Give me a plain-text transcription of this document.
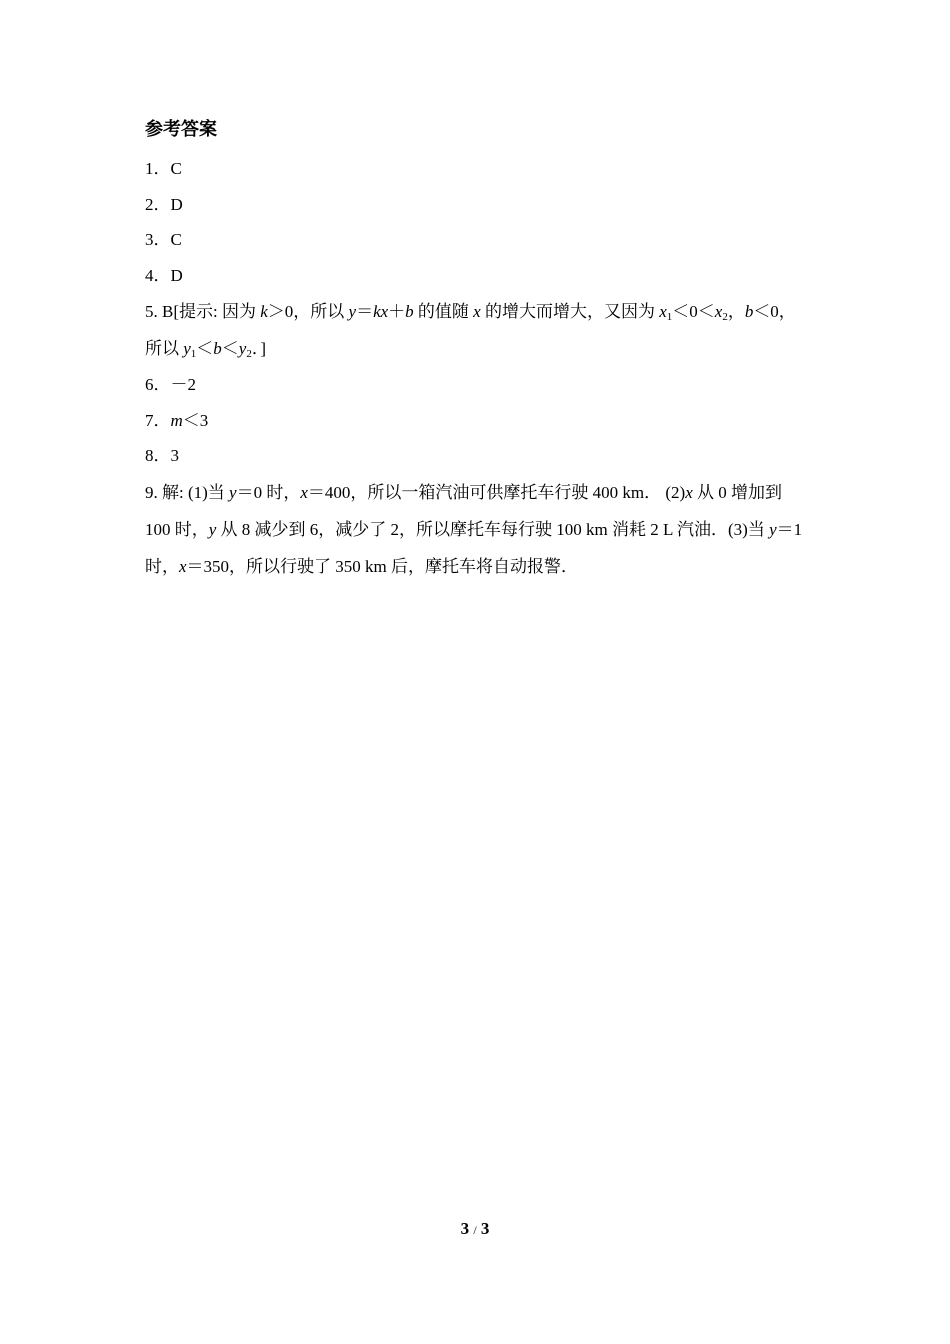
参考答案
1．C
2．D
3．C
4．D
5. B[提示: 因为 k＞0，所以 y＝kx＋b 的值随 x 的增大而增大，又因为 $x_1<0<x_2$，b＜0，所以 $y_1<b<y_2$．]
6．－2
7．m＜3
8．3
9. 解: (1)当 y＝0 时，x＝400，所以一箱汽油可供摩托车行驶 400 km． (2)x 从 0 增加到 100 时，y 从 8 减少到 6，减少了 2，所以摩托车每行驶 100 km 消耗 2 L 汽油．(3)当 y＝1 时，x＝350，所以行驶了 350 km 后，摩托车将自动报警．
3 / 3
